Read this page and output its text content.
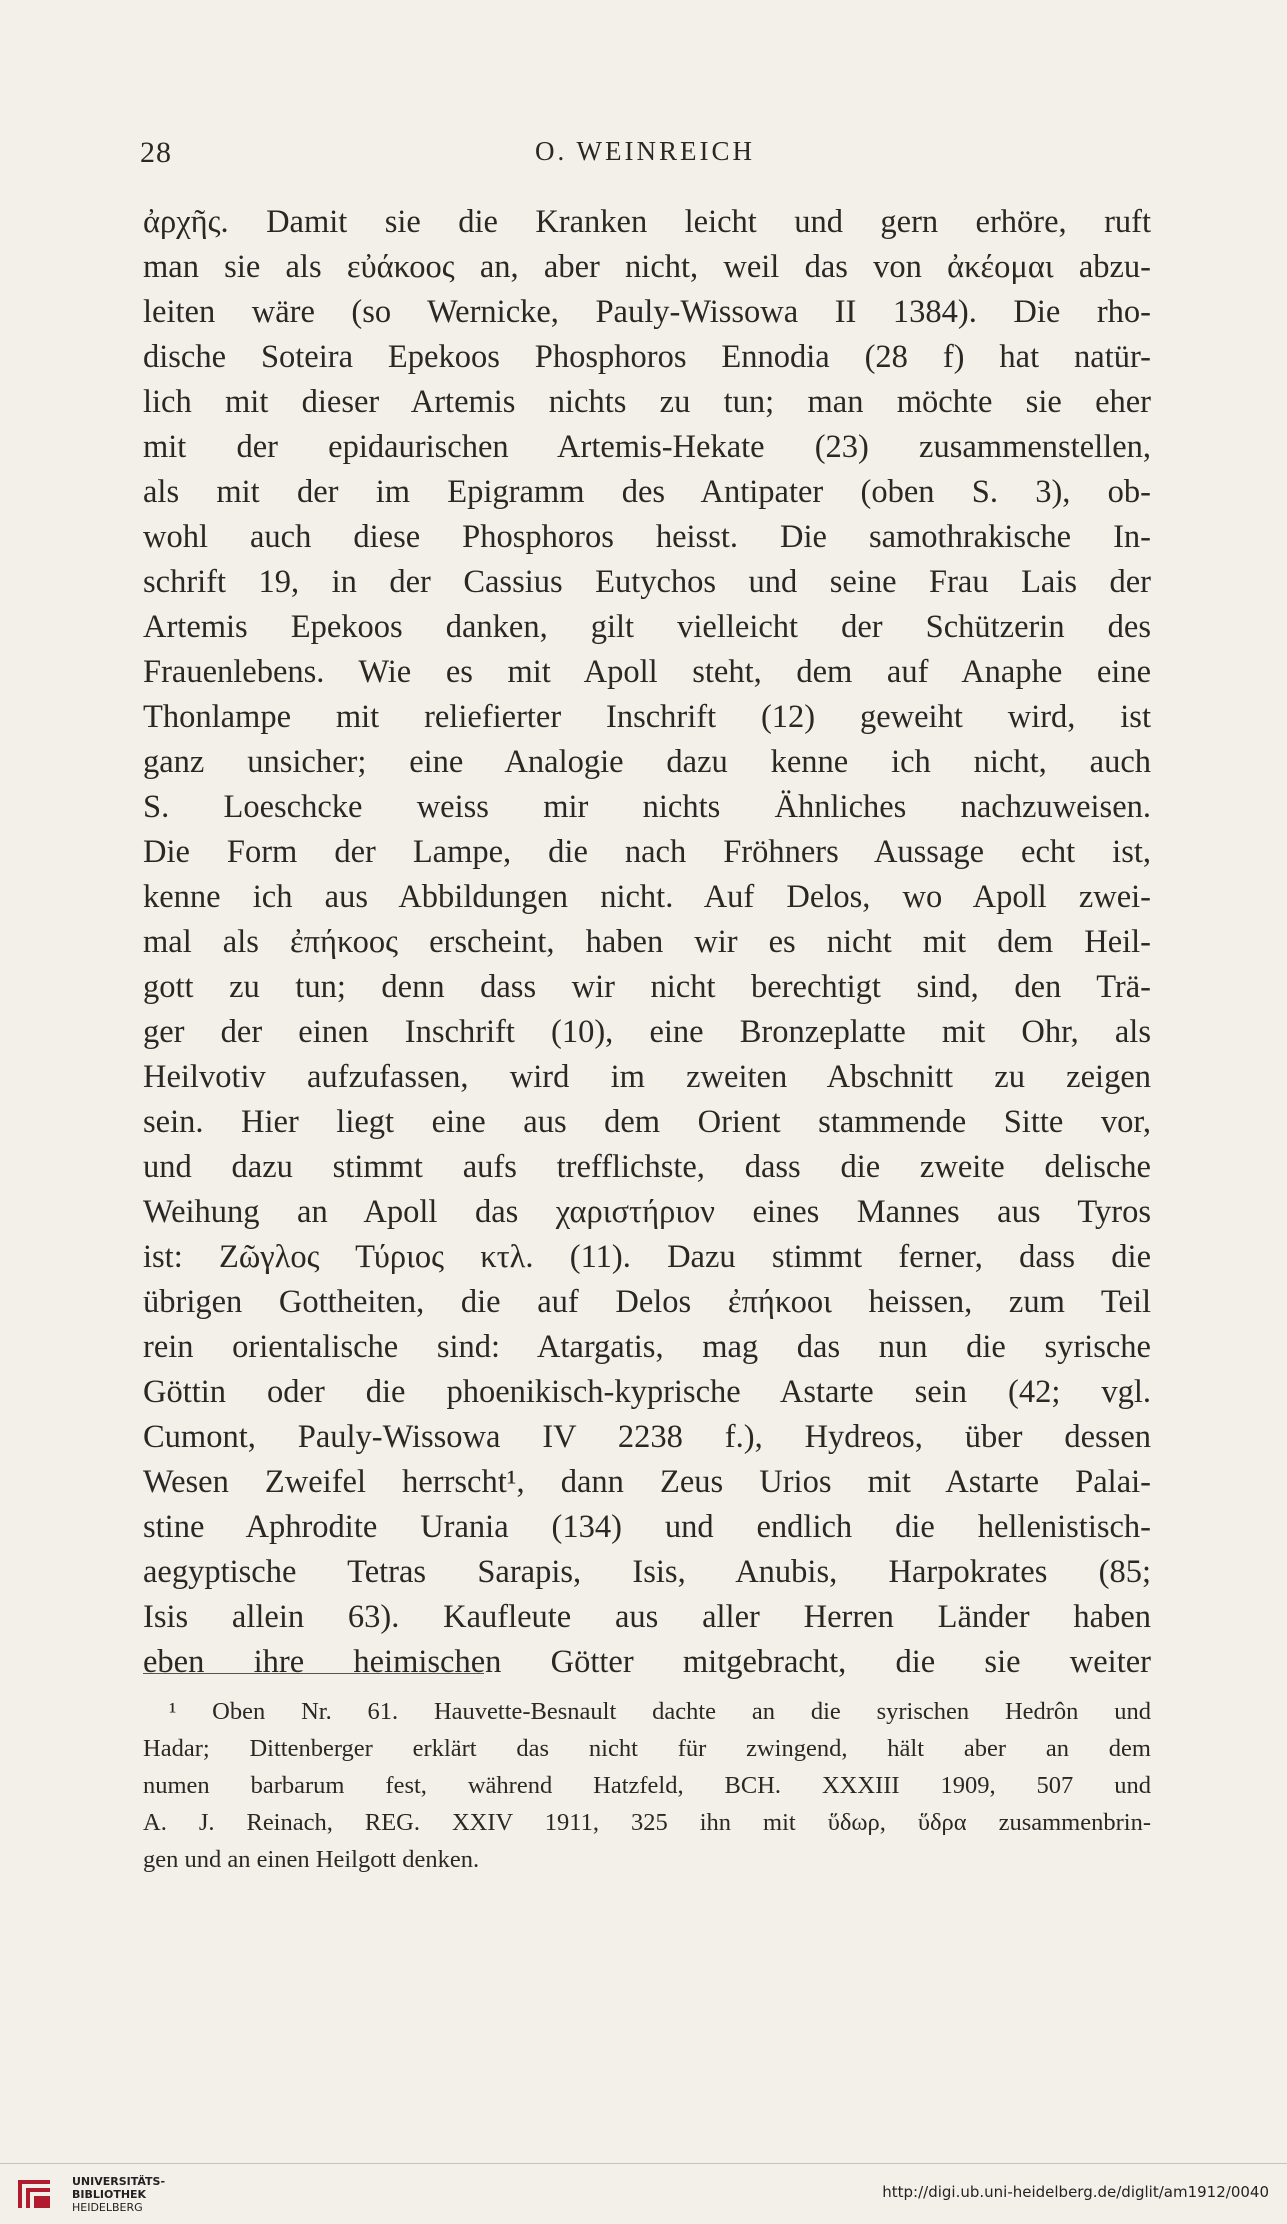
28	O. WEINREICH
ἀρχῆς. Damit sie die Kranken leicht und gern erhöre, ruft
man sie als εὐάκοος an, aber nicht, weil das von ἀκέομαι abzu-
leiten wäre (so Wernicke, Pauly-Wissowa II 1384). Die rho-
dische Soteira Epekoos Phosphoros Ennodia (28 f) hat natür-
lich mit dieser Artemis nichts zu tun; man möchte sie eher
mit der epidaurischen Artemis-Hekate (23) zusammenstellen,
als mit der im Epigramm des Antipater (oben S. 3), ob-
wohl auch diese Phosphoros heisst. Die samothrakische In-
schrift 19, in der Cassius Eutychos und seine Frau Lais der
Artemis Epekoos danken, gilt vielleicht der Schützerin des
Frauenlebens. Wie es mit Apoll steht, dem auf Anaphe eine
Thonlampe mit reliefierter Inschrift (12) geweiht wird, ist
ganz unsicher; eine Analogie dazu kenne ich nicht, auch
S. Loeschcke weiss mir nichts Ähnliches nachzuweisen.
Die Form der Lampe, die nach Fröhners Aussage echt ist,
kenne ich aus Abbildungen nicht. Auf Delos, wo Apoll zwei-
mal als ἐπήκοος erscheint, haben wir es nicht mit dem Heil-
gott zu tun; denn dass wir nicht berechtigt sind, den Trä-
ger der einen Inschrift (10), eine Bronzeplatte mit Ohr, als
Heilvotiv aufzufassen, wird im zweiten Abschnitt zu zeigen
sein. Hier liegt eine aus dem Orient stammende Sitte vor,
und dazu stimmt aufs trefflichste, dass die zweite delische
Weihung an Apoll das χαριστήριον eines Mannes aus Tyros
ist: Ζῶγλος Τύριος κτλ. (11). Dazu stimmt ferner, dass die
übrigen Gottheiten, die auf Delos ἐπήκοοι heissen, zum Teil
rein orientalische sind: Atargatis, mag das nun die syrische
Göttin oder die phoenikisch-kyprische Astarte sein (42; vgl.
Cumont, Pauly-Wissowa IV 2238 f.), Hydreos, über dessen
Wesen Zweifel herrscht¹, dann Zeus Urios mit Astarte Palai-
stine Aphrodite Urania (134) und endlich die hellenistisch-
aegyptische Tetras Sarapis, Isis, Anubis, Harpokrates (85;
Isis allein 63). Kaufleute aus aller Herren Länder haben
eben ihre heimischen Götter mitgebracht, die sie weiter
¹ Oben Nr. 61. Hauvette-Besnault dachte an die syrischen Hedrôn und
Hadar; Dittenberger erklärt das nicht für zwingend, hält aber an dem
numen barbarum fest, während Hatzfeld, BCH. XXXIII 1909, 507 und
A. J. Reinach, REG. XXIV 1911, 325 ihn mit ὕδωρ, ὕδρα zusammenbrin-
gen und an einen Heilgott denken.
UNIVERSITÄTS-
BIBLIOTHEK
HEIDELBERG
http://digi.ub.uni-heidelberg.de/diglit/am1912/0040
